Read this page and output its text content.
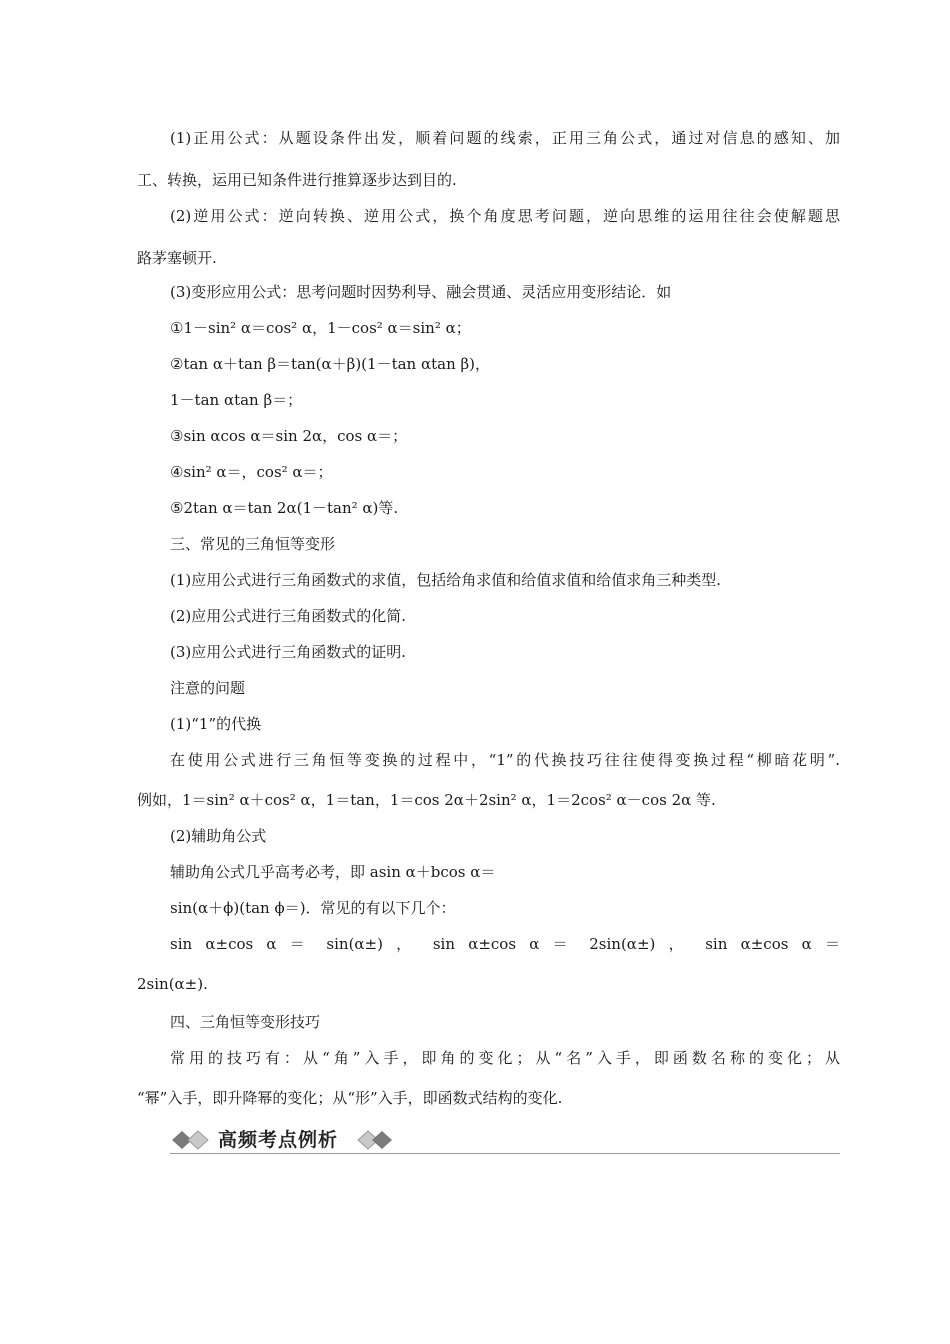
(1)正用公式：从题设条件出发，顺着问题的线索，正用三角公式，通过对信息的感知、加
工、转换，运用已知条件进行推算逐步达到目的.
(2)逆用公式：逆向转换、逆用公式，换个角度思考问题，逆向思维的运用往往会使解题思
路茅塞顿开.
(3)变形应用公式：思考问题时因势利导、融会贯通、灵活应用变形结论．如
①1－sin² α＝cos² α，1－cos² α＝sin² α；
②tan α＋tan β＝tan(α＋β)(1－tan αtan β)，
1－tan αtan β＝；
③sin αcos α＝sin 2α，cos α＝；
④sin² α＝，cos² α＝；
⑤2tan α＝tan 2α(1－tan² α)等.
三、常见的三角恒等变形
(1)应用公式进行三角函数式的求值，包括给角求值和给值求值和给值求角三种类型.
(2)应用公式进行三角函数式的化简.
(3)应用公式进行三角函数式的证明.
注意的问题
(1)“1”的代换
在使用公式进行三角恒等变换的过程中，“1”的代换技巧往往使得变换过程“柳暗花明”.
例如，1＝sin² α＋cos² α，1＝tan，1＝cos 2α＋2sin² α，1＝2cos² α－cos 2α 等.
(2)辅助角公式
辅助角公式几乎高考必考，即 asin α＋bcos α＝
sin(α＋ϕ)(tan ϕ＝)．常见的有以下几个：
sin α±cos α ＝ sin(α±) ， sin α±cos α ＝ 2sin(α±) ， sin α±cos α ＝
2sin(α±).
四、三角恒等变形技巧
常用的技巧有：从“角”入手，即角的变化；从“名”入手，即函数名称的变化；从
“幂”入手，即升降幂的变化；从“形”入手，即函数式结构的变化.
高频考点例析
